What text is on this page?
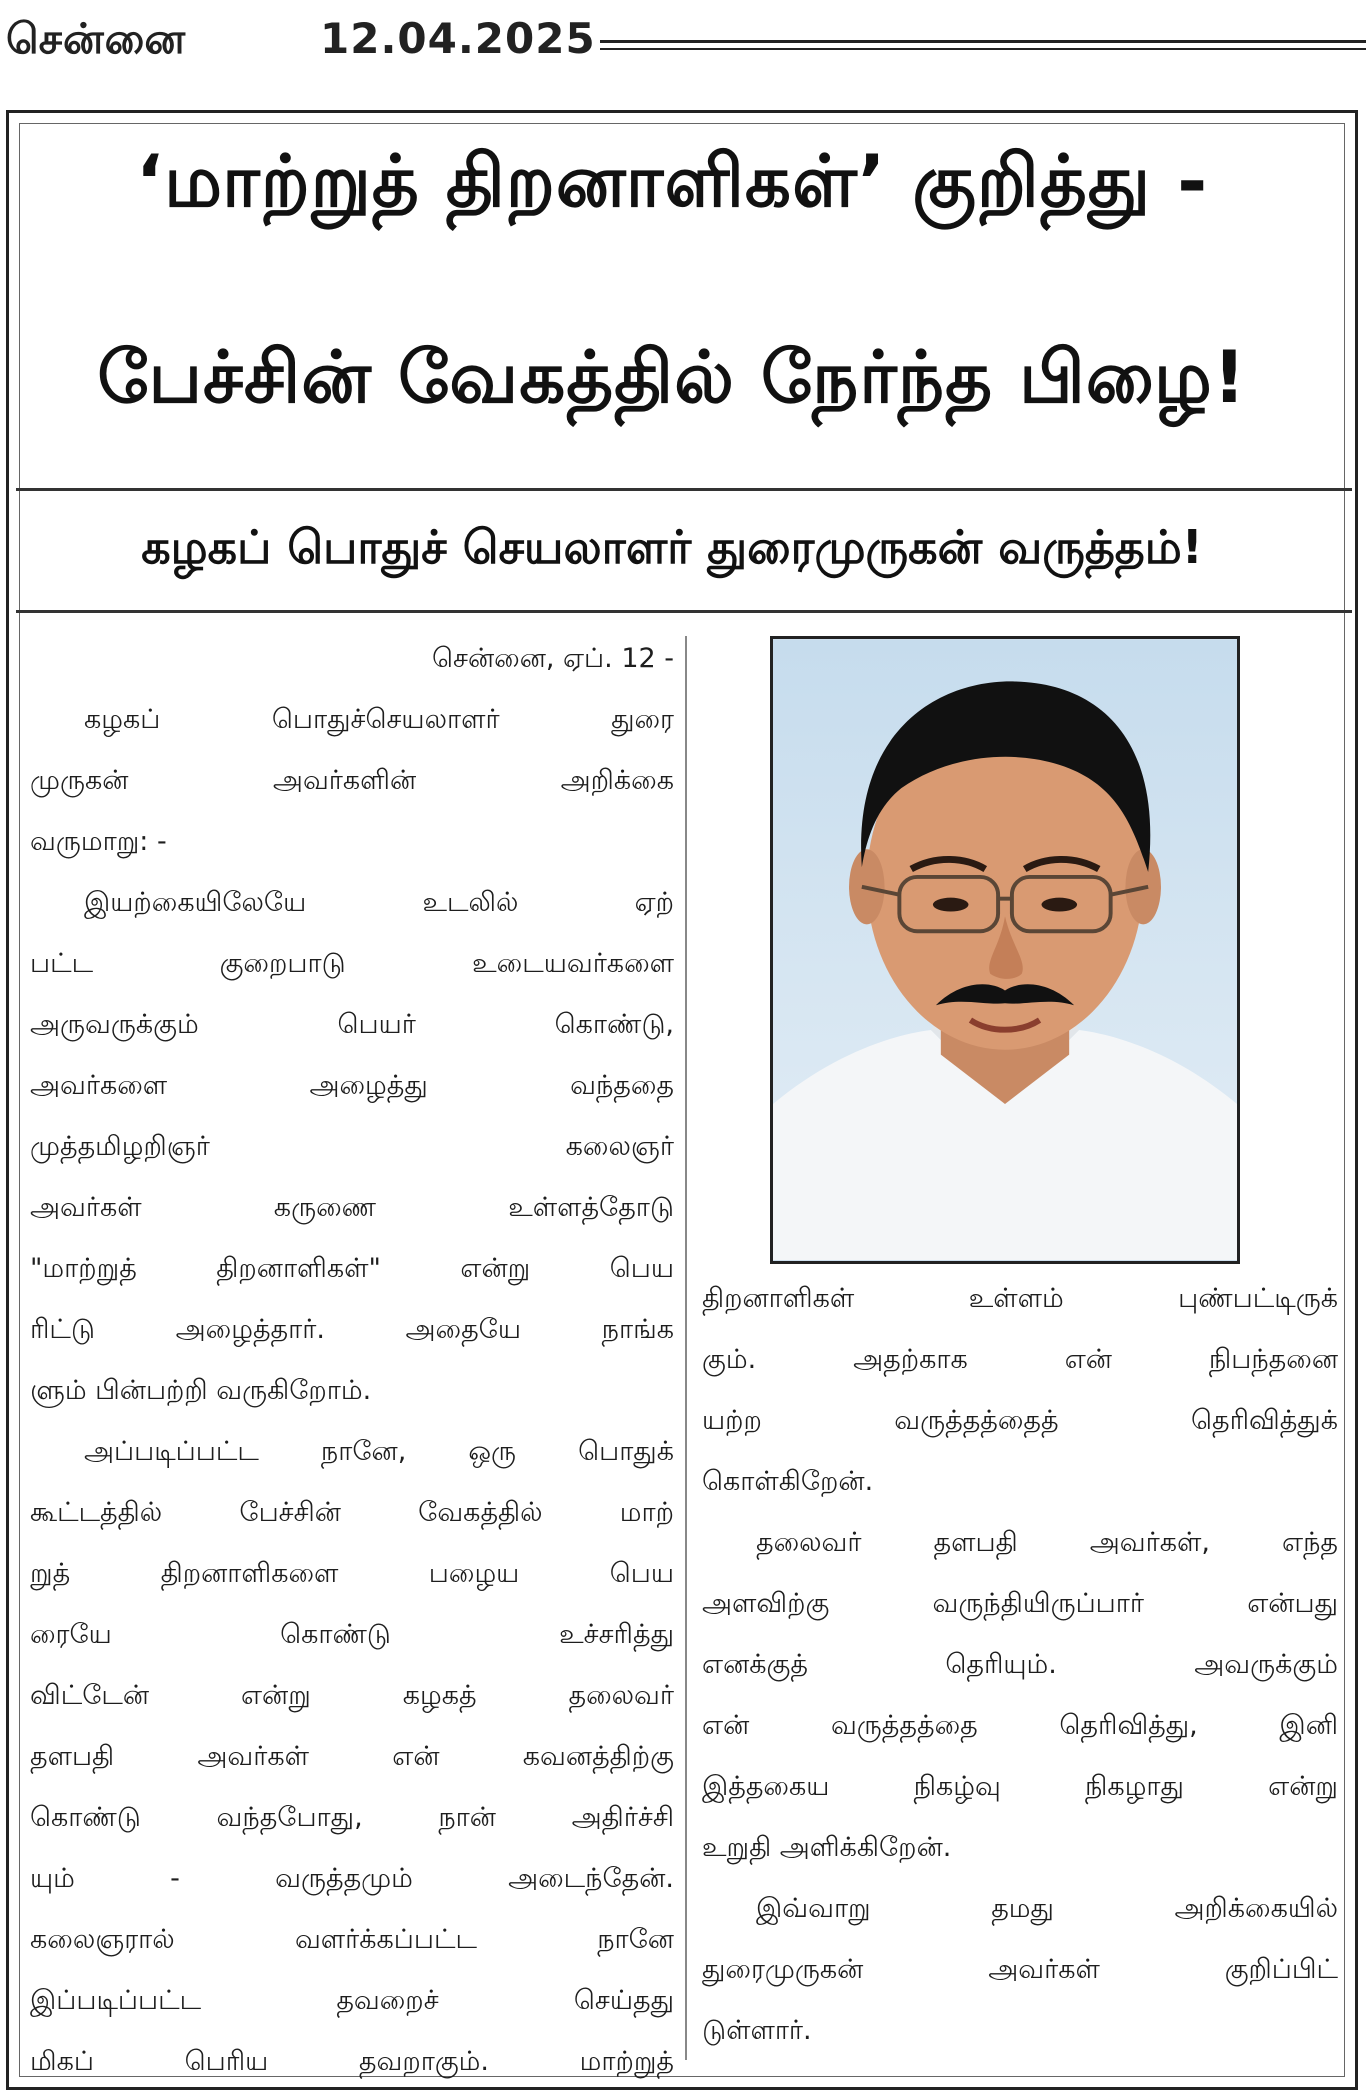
சென்னை	12.04.2025
‘மாற்றுத் திறனாளிகள்’ குறித்து -
பேச்சின் வேகத்தில் நேர்ந்த பிழை!
கழகப் பொதுச் செயலாளர் துரைமுருகன் வருத்தம்!
சென்னை, ஏப். 12 -
கழகப் பொதுச்செயலாளர் துரை
முருகன் அவர்களின் அறிக்கை
வருமாறு: -
இயற்கையிலேயே உடலில் ஏற்
பட்ட குறைபாடு உடையவர்களை
அருவருக்கும் பெயர் கொண்டு,
அவர்களை அழைத்து வந்ததை
முத்தமிழறிஞர் கலைஞர்
அவர்கள் கருணை உள்ளத்தோடு
"மாற்றுத் திறனாளிகள்" என்று பெய
ரிட்டு அழைத்தார். அதையே நாங்க
ளும் பின்பற்றி வருகிறோம்.
அப்படிப்பட்ட நானே, ஒரு பொதுக்
கூட்டத்தில் பேச்சின் வேகத்தில் மாற்
றுத் திறனாளிகளை பழைய பெய
ரையே கொண்டு உச்சரித்து
விட்டேன் என்று கழகத் தலைவர்
தளபதி அவர்கள் என் கவனத்திற்கு
கொண்டு வந்தபோது, நான் அதிர்ச்சி
யும் - வருத்தமும் அடைந்தேன்.
கலைஞரால் வளர்க்கப்பட்ட நானே
இப்படிப்பட்ட தவறைச் செய்தது
மிகப் பெரிய தவறாகும். மாற்றுத்
திறனாளிகள் உள்ளம் புண்பட்டிருக்
கும். அதற்காக என் நிபந்தனை
யற்ற வருத்தத்தைத் தெரிவித்துக்
கொள்கிறேன்.
தலைவர் தளபதி அவர்கள், எந்த
அளவிற்கு வருந்தியிருப்பார் என்பது
எனக்குத் தெரியும். அவருக்கும்
என் வருத்தத்தை தெரிவித்து, இனி
இத்தகைய நிகழ்வு நிகழாது என்று
உறுதி அளிக்கிறேன்.
இவ்வாறு தமது அறிக்கையில்
துரைமுருகன் அவர்கள் குறிப்பிட்
டுள்ளார்.
